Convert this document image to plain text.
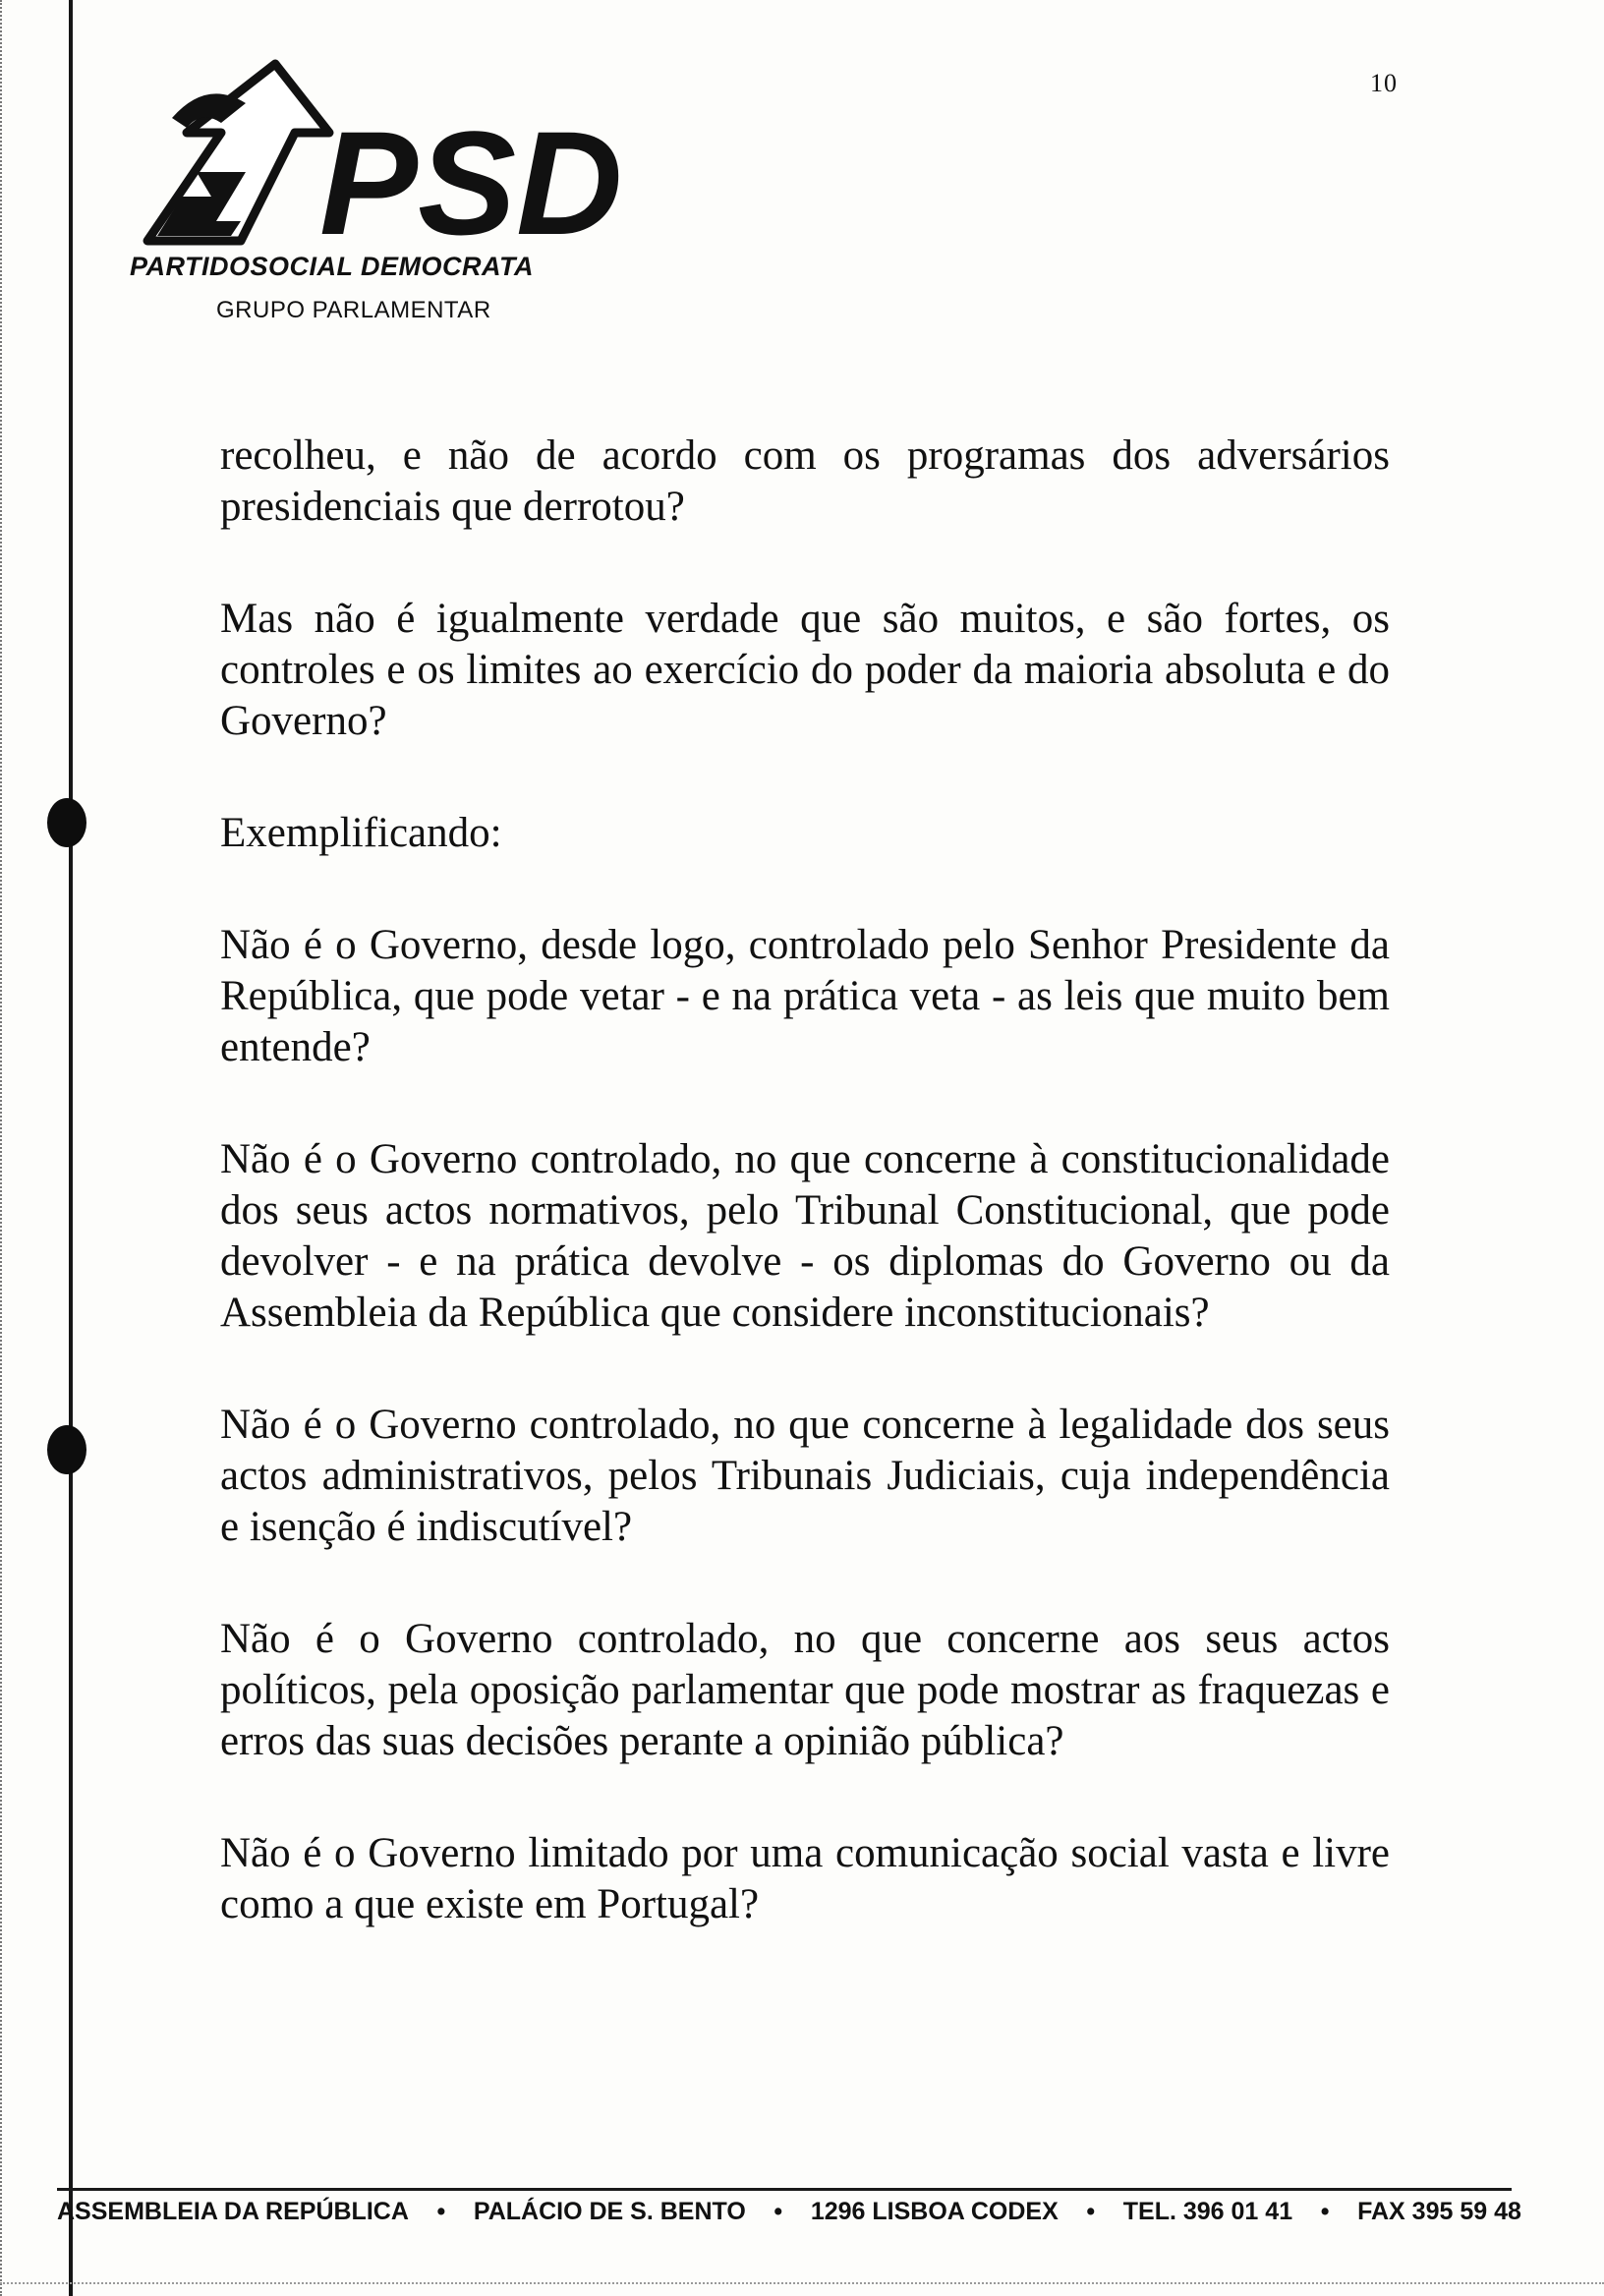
10
PSD
PARTIDOSOCIAL DEMOCRATA
GRUPO PARLAMENTAR

recolheu, e não de acordo com os programas dos adversários presidenciais que derrotou?

Mas não é igualmente verdade que são muitos, e são fortes, os controles e os limites ao exercício do poder da maioria absoluta e do Governo?

Exemplificando:

Não é o Governo, desde logo, controlado pelo Senhor Presidente da República, que pode vetar - e na prática veta - as leis que muito bem entende?

Não é o Governo controlado, no que concerne à constitucionalidade dos seus actos normativos, pelo Tribunal Constitucional, que pode devolver - e na prática devolve - os diplomas do Governo ou da Assembleia da República que considere inconstitucionais?

Não é o Governo controlado, no que concerne à legalidade dos seus actos administrativos, pelos Tribunais Judiciais, cuja independência e isenção é indiscutível?

Não é o Governo controlado, no que concerne aos seus actos políticos, pela oposição parlamentar que pode mostrar as fraquezas e erros das suas decisões perante a opinião pública?

Não é o Governo limitado por uma comunicação social vasta e livre como a que existe em Portugal?

ASSEMBLEIA DA REPÚBLICA • PALÁCIO DE S. BENTO • 1296 LISBOA CODEX • TEL. 396 01 41 • FAX 395 59 48
